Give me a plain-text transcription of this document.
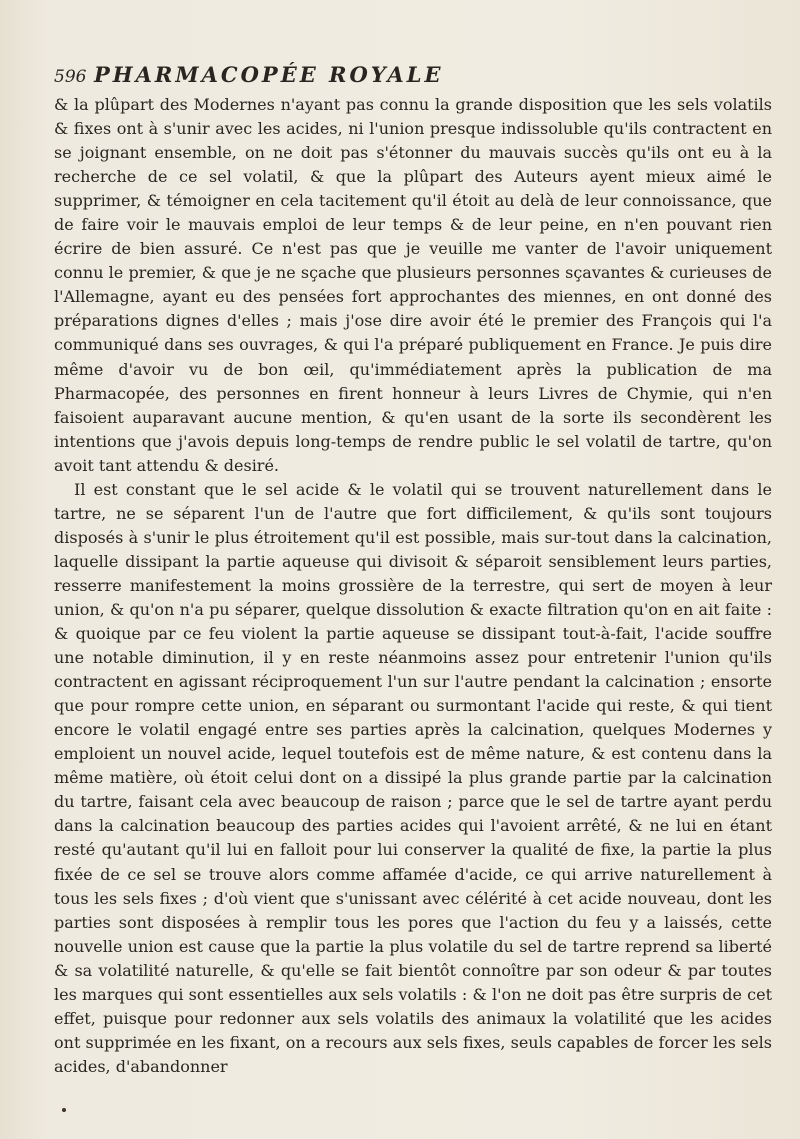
596 PHARMACOPÉE ROYALE

& la plûpart des Modernes n'ayant pas connu la grande disposition que les sels volatils & fixes ont à s'unir avec les acides, ni l'union presque indissoluble qu'ils contractent en se joignant ensemble, on ne doit pas s'étonner du mauvais succès qu'ils ont eu à la recherche de ce sel volatil, & que la plûpart des Auteurs ayent mieux aimé le supprimer, & témoigner en cela tacitement qu'il étoit au delà de leur connoissance, que de faire voir le mauvais emploi de leur temps & de leur peine, en n'en pouvant rien écrire de bien assuré. Ce n'est pas que je veuille me vanter de l'avoir uniquement connu le premier, & que je ne sçache que plusieurs personnes sçavantes & curieuses de l'Allemagne, ayant eu des pensées fort approchantes des miennes, en ont donné des préparations dignes d'elles ; mais j'ose dire avoir été le premier des François qui l'a communiqué dans ses ouvrages, & qui l'a préparé publiquement en France. Je puis dire même d'avoir vu de bon œil, qu'immédiatement après la publication de ma Pharmacopée, des personnes en firent honneur à leurs Livres de Chymie, qui n'en faisoient auparavant aucune mention, & qu'en usant de la sorte ils secondèrent les intentions que j'avois depuis long-temps de rendre public le sel volatil de tartre, qu'on avoit tant attendu & desiré.

Il est constant que le sel acide & le volatil qui se trouvent naturellement dans le tartre, ne se séparent l'un de l'autre que fort difficilement, & qu'ils sont toujours disposés à s'unir le plus étroitement qu'il est possible, mais sur-tout dans la calcination, laquelle dissipant la partie aqueuse qui divisoit & séparoit sensiblement leurs parties, resserre manifestement la moins grossière de la terrestre, qui sert de moyen à leur union, & qu'on n'a pu séparer, quelque dissolution & exacte filtration qu'on en ait faite : & quoique par ce feu violent la partie aqueuse se dissipant tout-à-fait, l'acide souffre une notable diminution, il y en reste néanmoins assez pour entretenir l'union qu'ils contractent en agissant réciproquement l'un sur l'autre pendant la calcination ; ensorte que pour rompre cette union, en séparant ou surmontant l'acide qui reste, & qui tient encore le volatil engagé entre ses parties après la calcination, quelques Modernes y emploient un nouvel acide, lequel toutefois est de même nature, & est contenu dans la même matière, où étoit celui dont on a dissipé la plus grande partie par la calcination du tartre, faisant cela avec beaucoup de raison ; parce que le sel de tartre ayant perdu dans la calcination beaucoup des parties acides qui l'avoient arrêté, & ne lui en étant resté qu'autant qu'il lui en falloit pour lui conserver la qualité de fixe, la partie la plus fixée de ce sel se trouve alors comme affamée d'acide, ce qui arrive naturellement à tous les sels fixes ; d'où vient que s'unissant avec célérité à cet acide nouveau, dont les parties sont disposées à remplir tous les pores que l'action du feu y a laissés, cette nouvelle union est cause que la partie la plus volatile du sel de tartre reprend sa liberté & sa volatilité naturelle, & qu'elle se fait bientôt connoître par son odeur & par toutes les marques qui sont essentielles aux sels volatils : & l'on ne doit pas être surpris de cet effet, puisque pour redonner aux sels volatils des animaux la volatilité que les acides ont supprimée en les fixant, on a recours aux sels fixes, seuls capables de forcer les sels acides, d'abandonner
